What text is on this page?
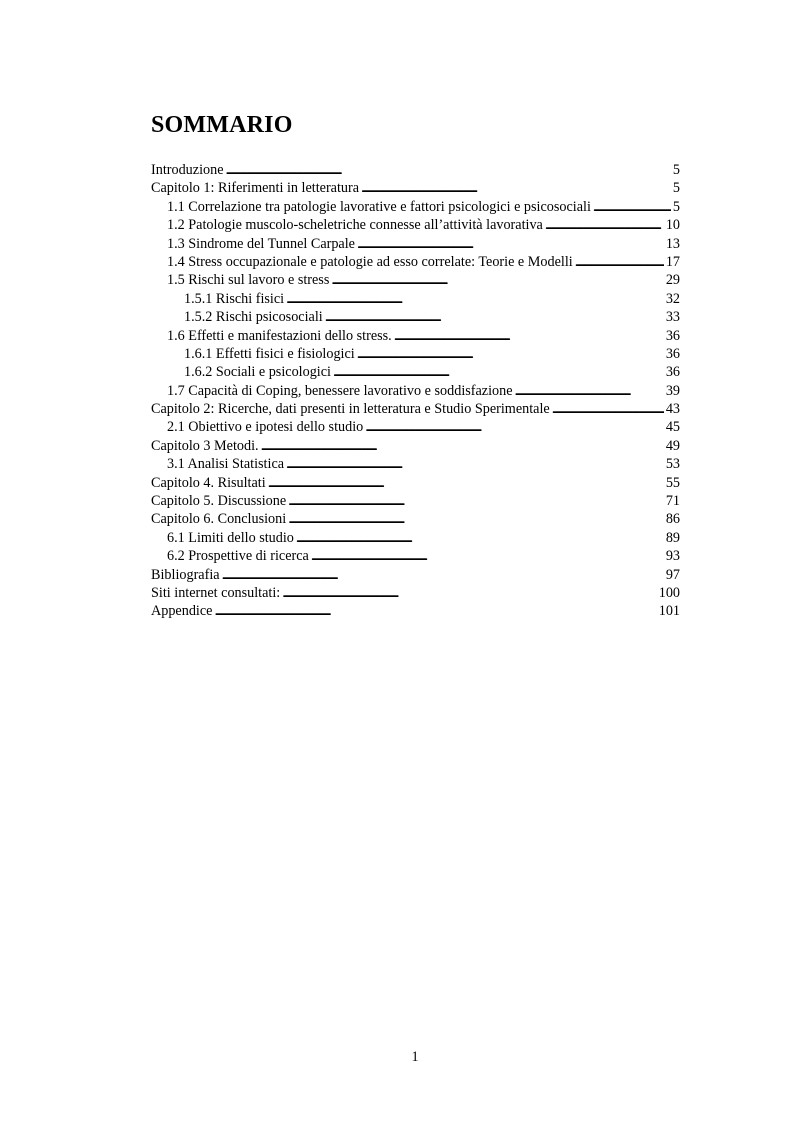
SOMMARIO
Introduzione . . .	5
Capitolo 1: Riferimenti in letteratura . . .	5
1.1 Correlazione tra patologie lavorative e fattori psicologici e psicosociali . . .	5
1.2 Patologie muscolo-scheletriche connesse all’attività lavorativa . . .	10
1.3 Sindrome del Tunnel Carpale . . .	13
1.4 Stress occupazionale e patologie ad esso correlate: Teorie e Modelli . . .	17
1.5 Rischi sul lavoro e stress . . .	29
1.5.1 Rischi fisici . . .	32
1.5.2 Rischi psicosociali . . .	33
1.6 Effetti e manifestazioni dello stress. . . .	36
1.6.1 Effetti fisici e fisiologici . . .	36
1.6.2 Sociali e psicologici . . .	36
1.7 Capacità di Coping, benessere lavorativo e soddisfazione . . .	39
Capitolo 2: Ricerche, dati presenti in letteratura e Studio Sperimentale . . .	43
2.1 Obiettivo e ipotesi dello studio . . .	45
Capitolo 3 Metodi. . . .	49
3.1 Analisi Statistica . . .	53
Capitolo 4. Risultati . . .	55
Capitolo 5. Discussione . . .	71
Capitolo 6. Conclusioni . . .	86
6.1 Limiti dello studio . . .	89
6.2 Prospettive di ricerca . . .	93
Bibliografia . . .	97
Siti internet consultati: . . .	100
Appendice . . .	101
1
